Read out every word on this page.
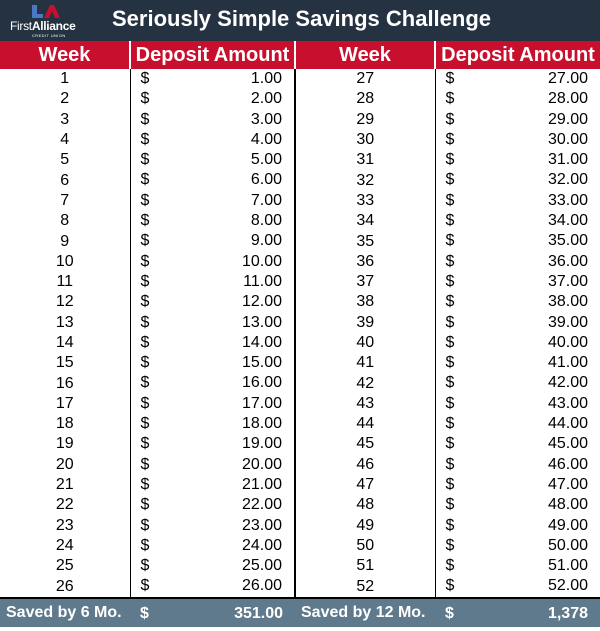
FirstAlliance
CREDIT UNION
Seriously Simple Savings Challenge
Week	Deposit Amount	Week	Deposit Amount
1	$ 1.00	27	$ 27.00

2	$ 2.00	28	$ 28.00

3	$ 3.00	29	$ 29.00

4	$ 4.00	30	$ 30.00

5	$ 5.00	31	$ 31.00

6	$ 6.00	32	$ 32.00

7	$ 7.00	33	$ 33.00

8	$ 8.00	34	$ 34.00

9	$ 9.00	35	$ 35.00

10	$ 10.00	36	$ 36.00

11	$ 11.00	37	$ 37.00

12	$ 12.00	38	$ 38.00

13	$ 13.00	39	$ 39.00

14	$ 14.00	40	$ 40.00

15	$ 15.00	41	$ 41.00

16	$ 16.00	42	$ 42.00

17	$ 17.00	43	$ 43.00

18	$ 18.00	44	$ 44.00

19	$ 19.00	45	$ 45.00

20	$ 20.00	46	$ 46.00

21	$ 21.00	47	$ 47.00

22	$ 22.00	48	$ 48.00

23	$ 23.00	49	$ 49.00

24	$ 24.00	50	$ 50.00

25	$ 25.00	51	$ 51.00

26	$ 26.00	52	$ 52.00

Saved by 6 Mo.	$ 351.00	Saved by 12 Mo.	$ 1,378
